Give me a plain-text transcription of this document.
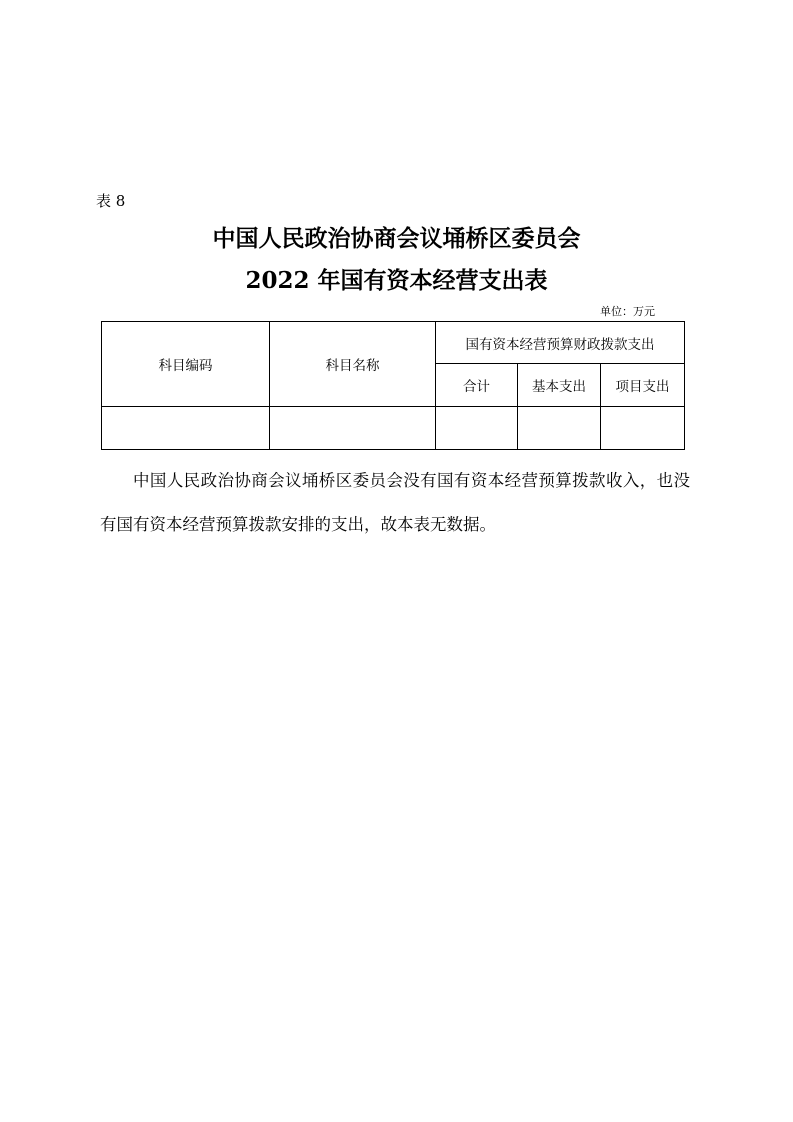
表 8
中国人民政治协商会议埇桥区委员会
2022 年国有资本经营支出表
单位：万元
科目编码	科目名称	国有资本经营预算财政拨款支出		
		合计	基本支出	项目支出

中国人民政治协商会议埇桥区委员会没有国有资本经营预算拨款收入，也没有国有资本经营预算拨款安排的支出，故本表无数据。
